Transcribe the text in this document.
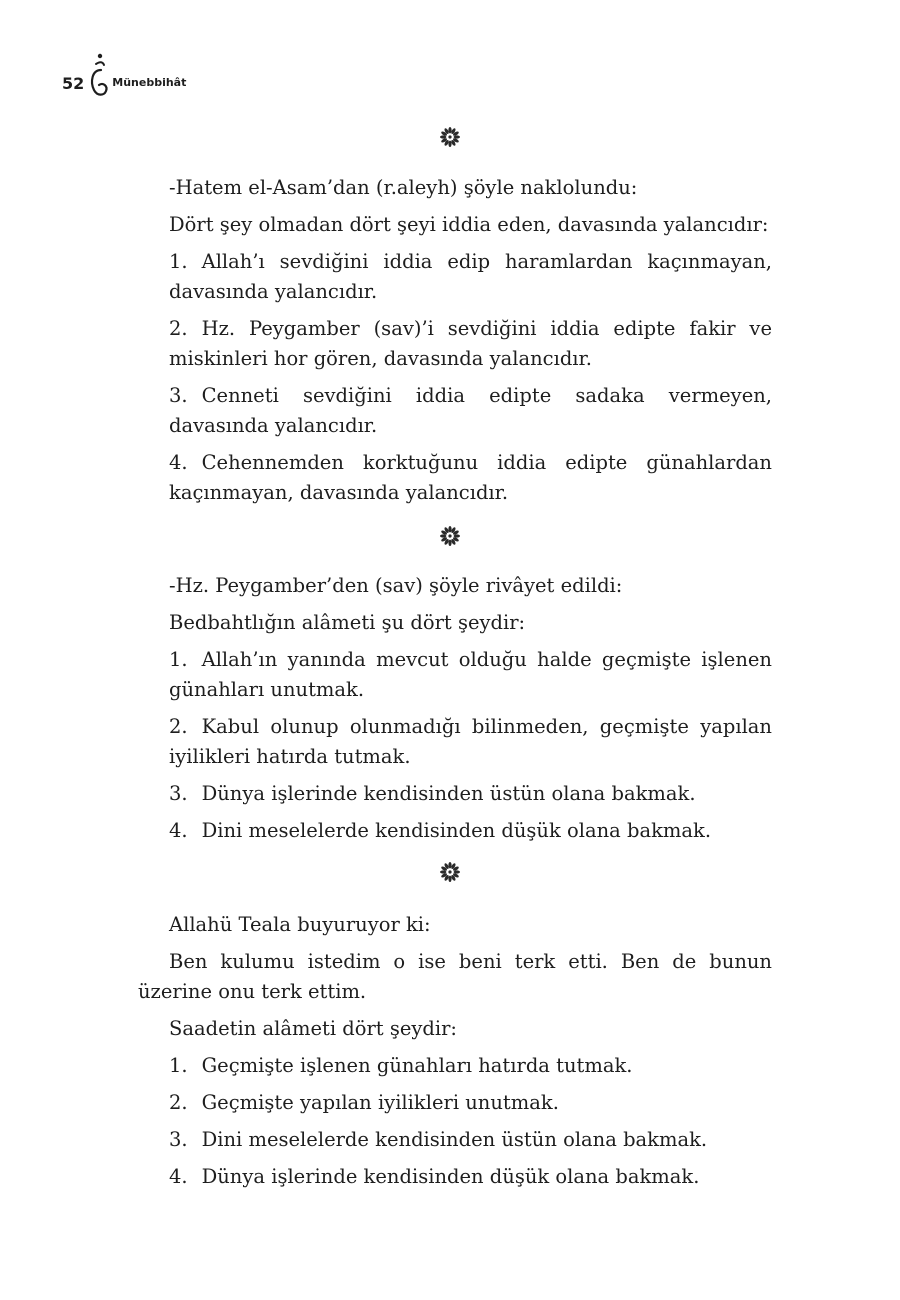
52	Münebbihât

-Hatem el-Asam’dan (r.aleyh) şöyle naklolundu:

Dört şey olmadan dört şeyi iddia eden, davasında yalancıdır:

1. Allah’ı sevdiğini iddia edip haramlardan kaçınmayan, davasında yalancıdır.

2. Hz. Peygamber (sav)’i sevdiğini iddia edipte fakir ve miskinleri hor gören, davasında yalancıdır.

3. Cenneti sevdiğini iddia edipte sadaka vermeyen, davasında yalancıdır.

4. Cehennemden korktuğunu iddia edipte günahlardan kaçınmayan, davasında yalancıdır.

-Hz. Peygamber’den (sav) şöyle rivâyet edildi:

Bedbahtlığın alâmeti şu dört şeydir:

1. Allah’ın yanında mevcut olduğu halde geçmişte işlenen günahları unutmak.

2. Kabul olunup olunmadığı bilinmeden, geçmişte yapılan iyilikleri hatırda tutmak.

3. Dünya işlerinde kendisinden üstün olana bakmak.

4. Dini meselelerde kendisinden düşük olana bakmak.

Allahü Teala buyuruyor ki:

Ben kulumu istedim o ise beni terk etti. Ben de bunun üzerine onu terk ettim.

Saadetin alâmeti dört şeydir:

1. Geçmişte işlenen günahları hatırda tutmak.

2. Geçmişte yapılan iyilikleri unutmak.

3. Dini meselelerde kendisinden üstün olana bakmak.

4. Dünya işlerinde kendisinden düşük olana bakmak.
